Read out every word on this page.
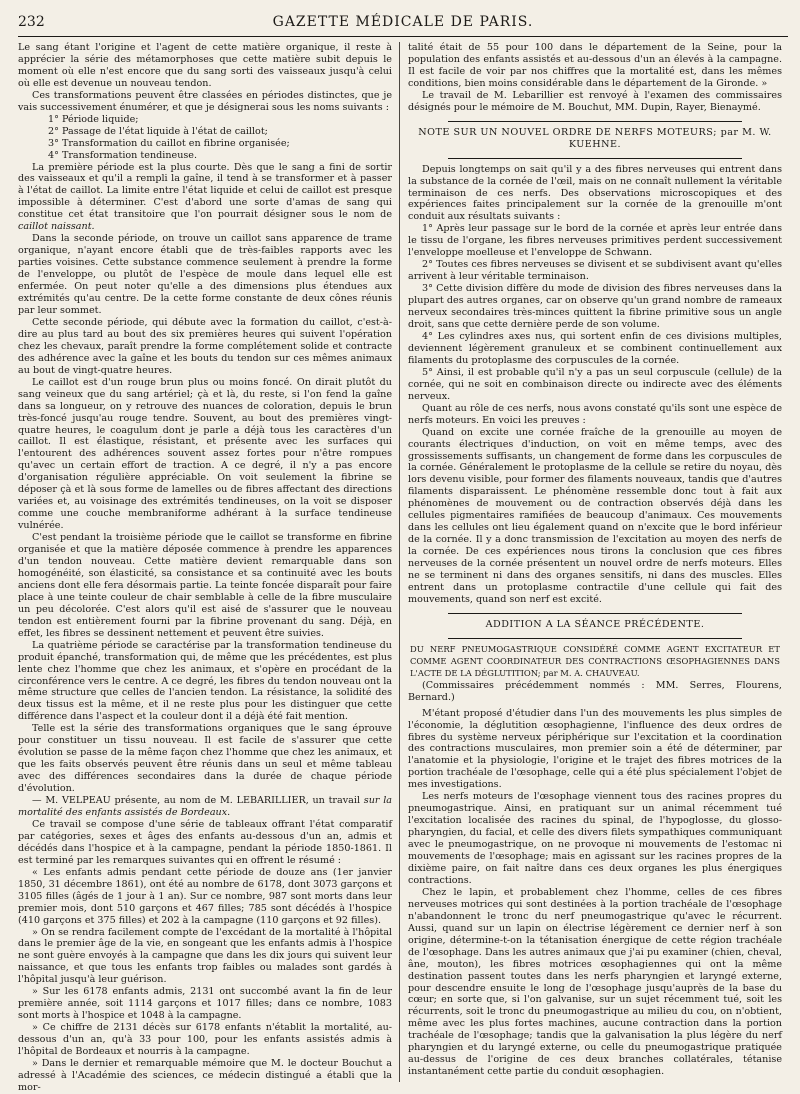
232	GAZETTE MÉDICALE DE PARIS.

Le sang étant l'origine et l'agent de cette matière organique, il reste à apprécier la série des métamorphoses que cette matière subit depuis le moment où elle n'est encore que du sang sorti des vaisseaux jusqu'à celui où elle est devenue un nouveau tendon.

Ces transformations peuvent être classées en périodes distinctes, que je vais successivement énumérer, et que je désignerai sous les noms suivants :

1° Période liquide;

2° Passage de l'état liquide à l'état de caillot;

3° Transformation du caillot en fibrine organisée;

4° Transformation tendineuse.

La première période est la plus courte. Dès que le sang a fini de sortir des vaisseaux et qu'il a rempli la gaîne, il tend à se transformer et à passer à l'état de caillot. La limite entre l'état liquide et celui de caillot est presque impossible à déterminer. C'est d'abord une sorte d'amas de sang qui constitue cet état transitoire que l'on pourrait désigner sous le nom de caillot naissant.

Dans la seconde période, on trouve un caillot sans apparence de trame organique, n'ayant encore établi que de très-faibles rapports avec les parties voisines. Cette substance commence seulement à prendre la forme de l'enveloppe, ou plutôt de l'espèce de moule dans lequel elle est enfermée. On peut noter qu'elle a des dimensions plus étendues aux extrémités qu'au centre. De la cette forme constante de deux cônes réunis par leur sommet.

Cette seconde période, qui débute avec la formation du caillot, c'est-à-dire au plus tard au bout des six premières heures qui suivent l'opération chez les chevaux, paraît prendre la forme complétement solide et contracte des adhérence avec la gaîne et les bouts du tendon sur ces mêmes animaux au bout de vingt-quatre heures.

Le caillot est d'un rouge brun plus ou moins foncé. On dirait plutôt du sang veineux que du sang artériel; çà et là, du reste, si l'on fend la gaîne dans sa longueur, on y retrouve des nuances de coloration, depuis le brun très-foncé jusqu'au rouge tendre. Souvent, au bout des premières vingt-quatre heures, le coagulum dont je parle a déjà tous les caractères d'un caillot. Il est élastique, résistant, et présente avec les surfaces qui l'entourent des adhérences souvent assez fortes pour n'être rompues qu'avec un certain effort de traction. A ce degré, il n'y a pas encore d'organisation régulière appréciable. On voit seulement la fibrine se déposer çà et là sous forme de lamelles ou de fibres affectant des directions variées et, au voisinage des extrémités tendineuses, on la voit se disposer comme une couche membraniforme adhérant à la surface tendineuse vulnérée.

C'est pendant la troisième période que le caillot se transforme en fibrine organisée et que la matière déposée commence à prendre les apparences d'un tendon nouveau. Cette matière devient remarquable dans son homogénéité, son élasticité, sa consistance et sa continuité avec les bouts anciens dont elle fera désormais partie. La teinte foncée disparaît pour faire place à une teinte couleur de chair semblable à celle de la fibre musculaire un peu décolorée. C'est alors qu'il est aisé de s'assurer que le nouveau tendon est entièrement fourni par la fibrine provenant du sang. Déjà, en effet, les fibres se dessinent nettement et peuvent être suivies.

La quatrième période se caractérise par la transformation tendineuse du produit épanché, transformation qui, de même que les précédentes, est plus lente chez l'homme que chez les animaux, et s'opère en procédant de la circonférence vers le centre. A ce degré, les fibres du tendon nouveau ont la même structure que celles de l'ancien tendon. La résistance, la solidité des deux tissus est la même, et il ne reste plus pour les distinguer que cette différence dans l'aspect et la couleur dont il a déjà été fait mention.

Telle est la série des transformations organiques que le sang éprouve pour constituer un tissu nouveau. Il est facile de s'assurer que cette évolution se passe de la même façon chez l'homme que chez les animaux, et que les faits observés peuvent être réunis dans un seul et même tableau avec des différences secondaires dans la durée de chaque période d'évolution.

— M. VELPEAU présente, au nom de M. LEBARILLIER, un travail sur la mortalité des enfants assistés de Bordeaux.

Ce travail se compose d'une série de tableaux offrant l'état comparatif par catégories, sexes et âges des enfants au-dessous d'un an, admis et décédés dans l'hospice et à la campagne, pendant la période 1850-1861. Il est terminé par les remarques suivantes qui en offrent le résumé :

« Les enfants admis pendant cette période de douze ans (1er janvier 1850, 31 décembre 1861), ont été au nombre de 6178, dont 3073 garçons et 3105 filles (âgés de 1 jour à 1 an). Sur ce nombre, 987 sont morts dans leur premier mois, dont 510 garçons et 467 filles; 785 sont décédés à l'hospice (410 garçons et 375 filles) et 202 à la campagne (110 garçons et 92 filles).

» On se rendra facilement compte de l'excédant de la mortalité à l'hôpital dans le premier âge de la vie, en songeant que les enfants admis à l'hospice ne sont guère envoyés à la campagne que dans les dix jours qui suivent leur naissance, et que tous les enfants trop faibles ou malades sont gardés à l'hôpital jusqu'à leur guérison.

» Sur les 6178 enfants admis, 2131 ont succombé avant la fin de leur première année, soit 1114 garçons et 1017 filles; dans ce nombre, 1083 sont morts à l'hospice et 1048 à la campagne.

» Ce chiffre de 2131 décès sur 6178 enfants n'établit la mortalité, au-dessous d'un an, qu'à 33 pour 100, pour les enfants assistés admis à l'hôpital de Bordeaux et nourris à la campagne.

» Dans le dernier et remarquable mémoire que M. le docteur Bouchut a adressé à l'Académie des sciences, ce médecin distingué a établi que la mor-

talité était de 55 pour 100 dans le département de la Seine, pour la population des enfants assistés et au-dessous d'un an élevés à la campagne. Il est facile de voir par nos chiffres que la mortalité est, dans les mêmes conditions, bien moins considérable dans le département de la Gironde. »

Le travail de M. Lebarillier est renvoyé à l'examen des commissaires désignés pour le mémoire de M. Bouchut, MM. Dupin, Rayer, Bienaymé.

NOTE SUR UN NOUVEL ORDRE DE NERFS MOTEURS; par M. W. KUEHNE.

Depuis longtemps on sait qu'il y a des fibres nerveuses qui entrent dans la substance de la cornée de l'œil, mais on ne connaît nullement la véritable terminaison de ces nerfs. Des observations microscopiques et des expériences faites principalement sur la cornée de la grenouille m'ont conduit aux résultats suivants :

1° Après leur passage sur le bord de la cornée et après leur entrée dans le tissu de l'organe, les fibres nerveuses primitives perdent successivement l'enveloppe moelleuse et l'enveloppe de Schwann.

2° Toutes ces fibres nerveuses se divisent et se subdivisent avant qu'elles arrivent à leur véritable terminaison.

3° Cette division diffère du mode de division des fibres nerveuses dans la plupart des autres organes, car on observe qu'un grand nombre de rameaux nerveux secondaires très-minces quittent la fibrine primitive sous un angle droit, sans que cette dernière perde de son volume.

4° Les cylindres axes nus, qui sortent enfin de ces divisions multiples, deviennent légèrement granuleux et se combinent continuellement aux filaments du protoplasme des corpuscules de la cornée.

5° Ainsi, il est probable qu'il n'y a pas un seul corpuscule (cellule) de la cornée, qui ne soit en combinaison directe ou indirecte avec des éléments nerveux.

Quant au rôle de ces nerfs, nous avons constaté qu'ils sont une espèce de nerfs moteurs. En voici les preuves :

Quand on excite une cornée fraîche de la grenouille au moyen de courants électriques d'induction, on voit en même temps, avec des grossissements suffisants, un changement de forme dans les corpuscules de la cornée. Généralement le protoplasme de la cellule se retire du noyau, dès lors devenu visible, pour former des filaments nouveaux, tandis que d'autres filaments disparaissent. Le phénomène ressemble donc tout à fait aux phénomènes de mouvement ou de contraction observés déjà dans les cellules pigmentaires ramifiées de beaucoup d'animaux. Ces mouvements dans les cellules ont lieu également quand on n'excite que le bord inférieur de la cornée. Il y a donc transmission de l'excitation au moyen des nerfs de la cornée. De ces expériences nous tirons la conclusion que ces fibres nerveuses de la cornée présentent un nouvel ordre de nerfs moteurs. Elles ne se terminent ni dans des organes sensitifs, ni dans des muscles. Elles entrent dans un protoplasme contractile d'une cellule qui fait des mouvements, quand son nerf est excité.

ADDITION A LA SÉANCE PRÉCÉDENTE.

DU NERF PNEUMOGASTRIQUE CONSIDÉRÉ COMME AGENT EXCITATEUR ET COMME AGENT COORDINATEUR DES CONTRACTIONS ŒSOPHAGIENNES DANS L'ACTE DE LA DÉGLUTITION; par M. A. CHAUVEAU.

(Commissaires précédemment nommés : MM. Serres, Flourens, Bernard.)

M'étant proposé d'étudier dans l'un des mouvements les plus simples de l'économie, la déglutition œsophagienne, l'influence des deux ordres de fibres du système nerveux périphérique sur l'excitation et la coordination des contractions musculaires, mon premier soin a été de déterminer, par l'anatomie et la physiologie, l'origine et le trajet des fibres motrices de la portion trachéale de l'œsophage, celle qui a été plus spécialement l'objet de mes investigations.

Les nerfs moteurs de l'œsophage viennent tous des racines propres du pneumogastrique. Ainsi, en pratiquant sur un animal récemment tué l'excitation localisée des racines du spinal, de l'hypoglosse, du glosso-pharyngien, du facial, et celle des divers filets sympathiques communiquant avec le pneumogastrique, on ne provoque ni mouvements de l'estomac ni mouvements de l'œsophage; mais en agissant sur les racines propres de la dixième paire, on fait naître dans ces deux organes les plus énergiques contractions.

Chez le lapin, et probablement chez l'homme, celles de ces fibres nerveuses motrices qui sont destinées à la portion trachéale de l'œsophage n'abandonnent le tronc du nerf pneumogastrique qu'avec le récurrent. Aussi, quand sur un lapin on électrise légèrement ce dernier nerf à son origine, détermine-t-on la tétanisation énergique de cette région trachéale de l'œsophage. Dans les autres animaux que j'ai pu examiner (chien, cheval, âne, mouton), les fibres motrices œsophagiennes qui ont la même destination passent toutes dans les nerfs pharyngien et laryngé externe, pour descendre ensuite le long de l'œsophage jusqu'auprès de la base du cœur; en sorte que, si l'on galvanise, sur un sujet récemment tué, soit les récurrents, soit le tronc du pneumogastrique au milieu du cou, on n'obtient, même avec les plus fortes machines, aucune contraction dans la portion trachéale de l'œsophage; tandis que la galvanisation la plus légère du nerf pharyngien et du laryngé externe, ou celle du pneumogastrique pratiquée au-dessus de l'origine de ces deux branches collatérales, tétanise instantanément cette partie du conduit œsophagien.
